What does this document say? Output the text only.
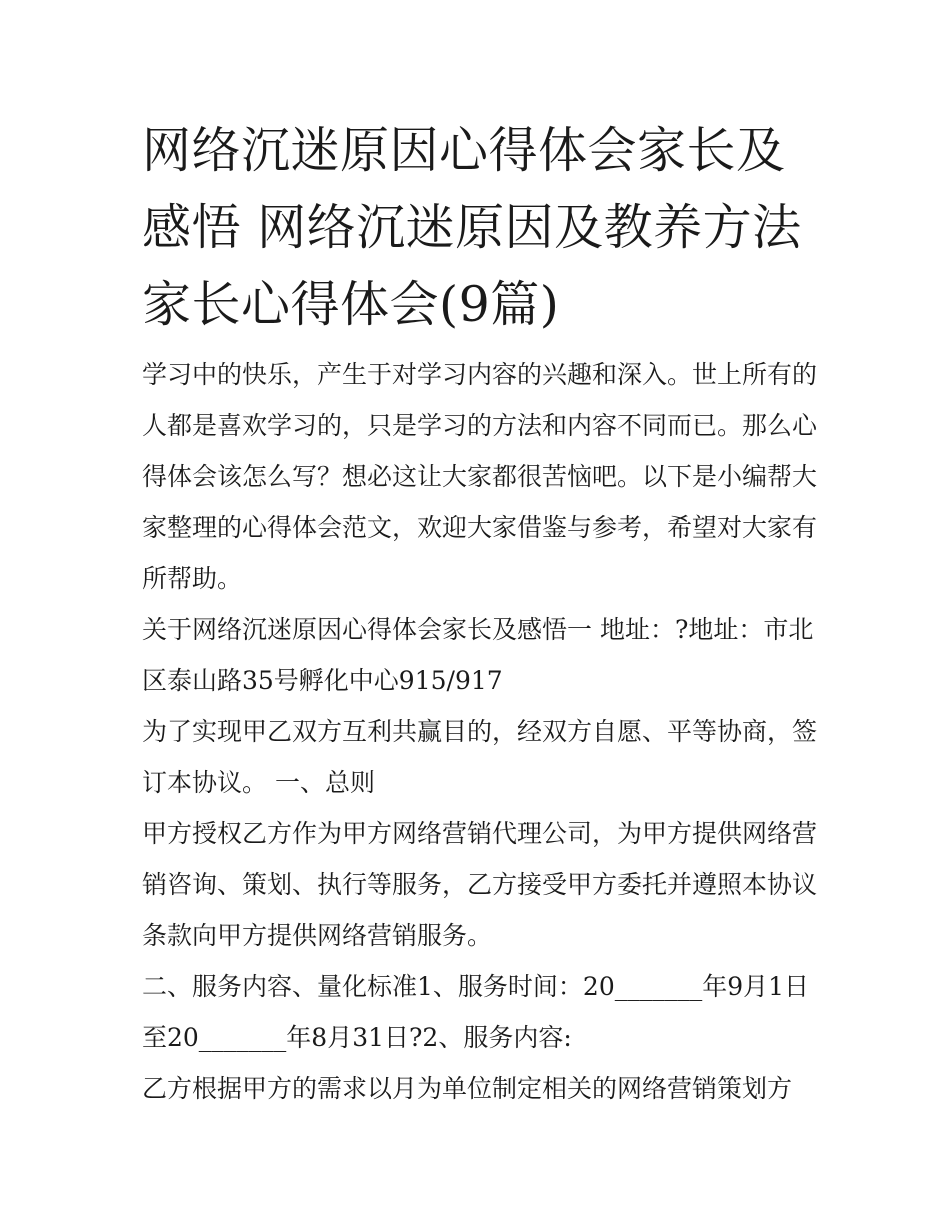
网络沉迷原因心得体会家长及感悟 网络沉迷原因及教养方法家长心得体会(9篇)

学习中的快乐，产生于对学习内容的兴趣和深入。世上所有的人都是喜欢学习的，只是学习的方法和内容不同而已。那么心得体会该怎么写？想必这让大家都很苦恼吧。以下是小编帮大家整理的心得体会范文，欢迎大家借鉴与参考，希望对大家有所帮助。

关于网络沉迷原因心得体会家长及感悟一 地址：?地址：市北区泰山路35号孵化中心915/917

为了实现甲乙双方互利共赢目的，经双方自愿、平等协商，签订本协议。 一、总则

甲方授权乙方作为甲方网络营销代理公司，为甲方提供网络营销咨询、策划、执行等服务，乙方接受甲方委托并遵照本协议条款向甲方提供网络营销服务。

二、服务内容、量化标准1、服务时间：20_______年9月1日至20_______年8月31日?2、服务内容:

乙方根据甲方的需求以月为单位制定相关的网络营销策划方
